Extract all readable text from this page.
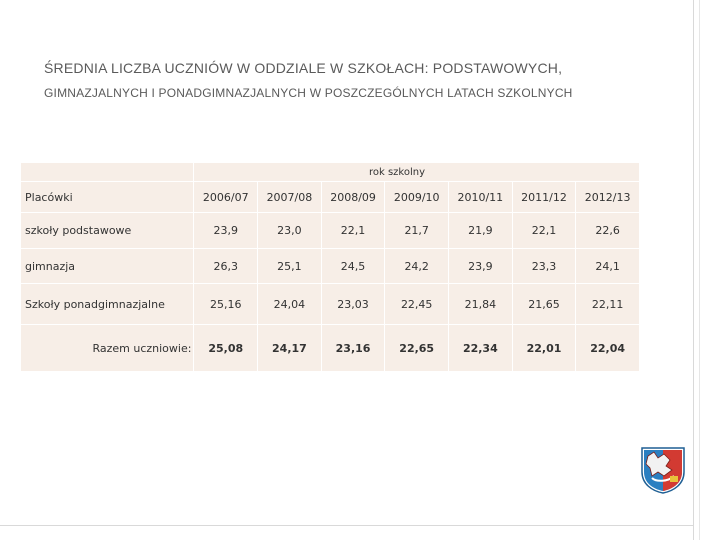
ŚREDNIA LICZBA UCZNIÓW W ODDZIALE W SZKOŁACH: PODSTAWOWYCH,
GIMNAZJALNYCH I PONADGIMNAZJALNYCH W POSZCZEGÓLNYCH LATACH SZKOLNYCH
	rok szkolny						
Placówki	2006/07	2007/08	2008/09	2009/10	2010/11	2011/12	2012/13
szkoły podstawowe	23,9	23,0	22,1	21,7	21,9	22,1	22,6
gimnazja	26,3	25,1	24,5	24,2	23,9	23,3	24,1
Szkoły ponadgimnazjalne	25,16	24,04	23,03	22,45	21,84	21,65	22,11
Razem uczniowie:	25,08	24,17	23,16	22,65	22,34	22,01	22,04
